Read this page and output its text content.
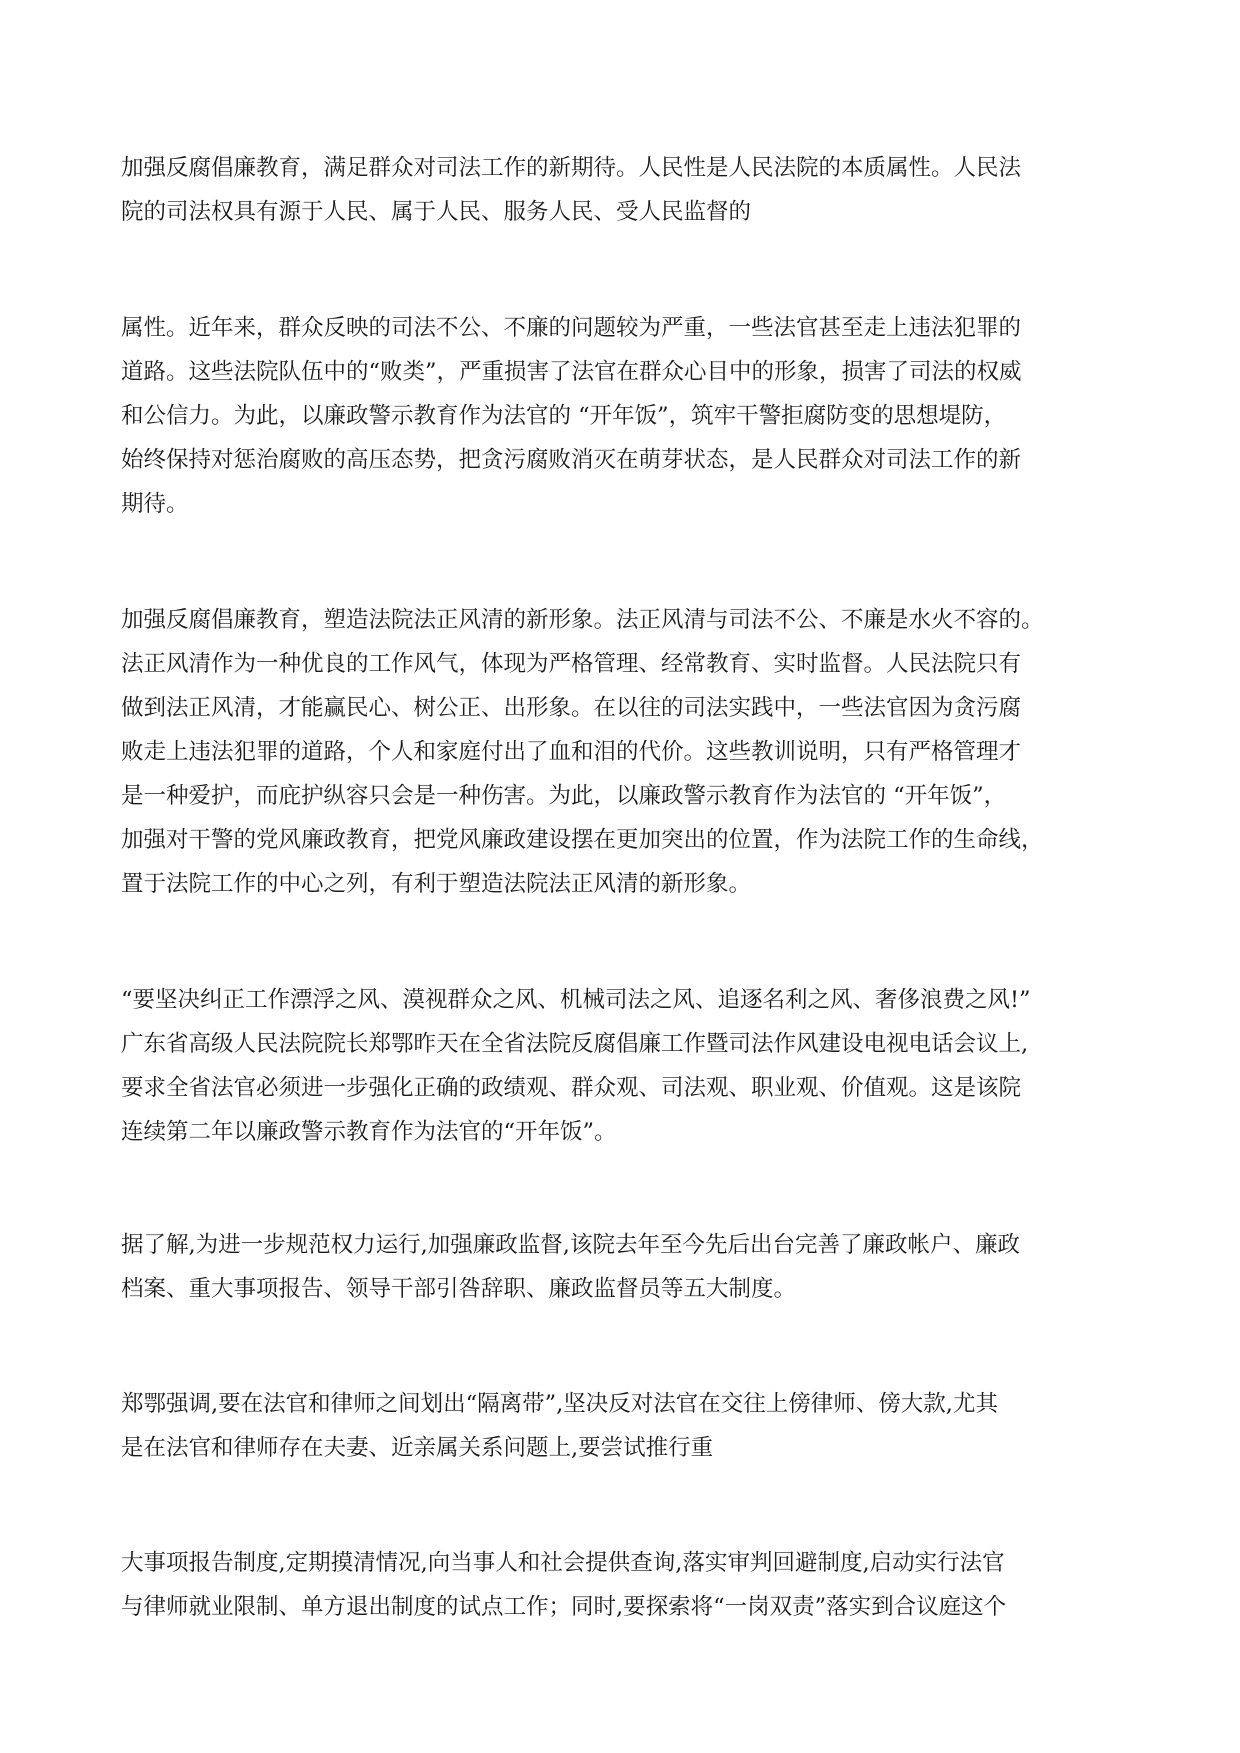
加强反腐倡廉教育，满足群众对司法工作的新期待。人民性是人民法院的本质属性。人民法
院的司法权具有源于人民、属于人民、服务人民、受人民监督的
属性。近年来，群众反映的司法不公、不廉的问题较为严重，一些法官甚至走上违法犯罪的
道路。这些法院队伍中的“败类”，严重损害了法官在群众心目中的形象，损害了司法的权威
和公信力。为此，以廉政警示教育作为法官的 “开年饭”，筑牢干警拒腐防变的思想堤防，
始终保持对惩治腐败的高压态势，把贪污腐败消灭在萌芽状态，是人民群众对司法工作的新
期待。
加强反腐倡廉教育，塑造法院法正风清的新形象。法正风清与司法不公、不廉是水火不容的。
法正风清作为一种优良的工作风气，体现为严格管理、经常教育、实时监督。人民法院只有
做到法正风清，才能赢民心、树公正、出形象。在以往的司法实践中，一些法官因为贪污腐
败走上违法犯罪的道路，个人和家庭付出了血和泪的代价。这些教训说明，只有严格管理才
是一种爱护，而庇护纵容只会是一种伤害。为此，以廉政警示教育作为法官的 “开年饭”，
加强对干警的党风廉政教育，把党风廉政建设摆在更加突出的位置，作为法院工作的生命线，
置于法院工作的中心之列，有利于塑造法院法正风清的新形象。
“要坚决纠正工作漂浮之风、漠视群众之风、机械司法之风、追逐名利之风、奢侈浪费之风!”
广东省高级人民法院院长郑鄂昨天在全省法院反腐倡廉工作暨司法作风建设电视电话会议上,
要求全省法官必须进一步强化正确的政绩观、群众观、司法观、职业观、价值观。这是该院
连续第二年以廉政警示教育作为法官的“开年饭”。
据了解,为进一步规范权力运行,加强廉政监督,该院去年至今先后出台完善了廉政帐户、廉政
档案、重大事项报告、领导干部引咎辞职、廉政监督员等五大制度。
郑鄂强调,要在法官和律师之间划出“隔离带”,坚决反对法官在交往上傍律师、傍大款,尤其
是在法官和律师存在夫妻、近亲属关系问题上,要尝试推行重
大事项报告制度,定期摸清情况,向当事人和社会提供查询,落实审判回避制度,启动实行法官
与律师就业限制、单方退出制度的试点工作；同时,要探索将“一岗双责”落实到合议庭这个
